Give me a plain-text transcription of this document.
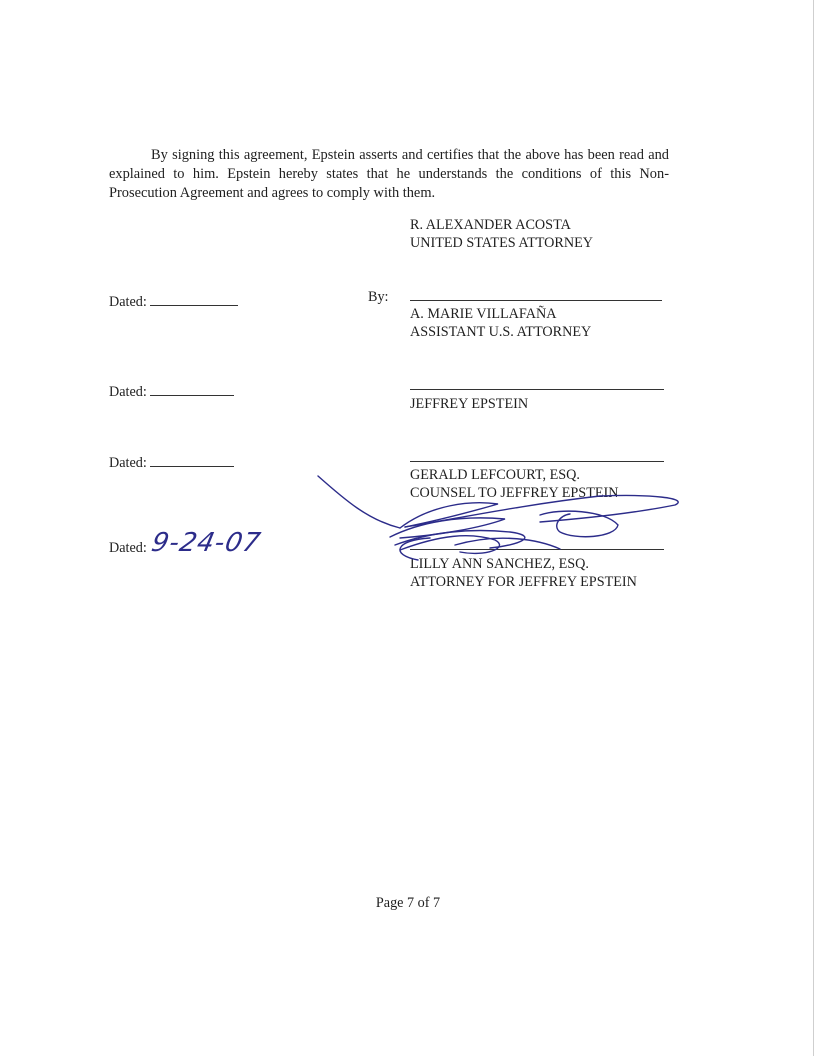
By signing this agreement, Epstein asserts and certifies that the above has been read and explained to him. Epstein hereby states that he understands the conditions of this Non-Prosecution Agreement and agrees to comply with them.

R. ALEXANDER ACOSTA
UNITED STATES ATTORNEY
Dated:	By:
A. MARIE VILLAFAÑA
ASSISTANT U.S. ATTORNEY
Dated:
JEFFREY EPSTEIN
Dated:
GERALD LEFCOURT, ESQ.
COUNSEL TO JEFFREY EPSTEIN
Dated: 9-24-07
LILLY ANN SANCHEZ, ESQ.
ATTORNEY FOR JEFFREY EPSTEIN
Page 7 of 7
